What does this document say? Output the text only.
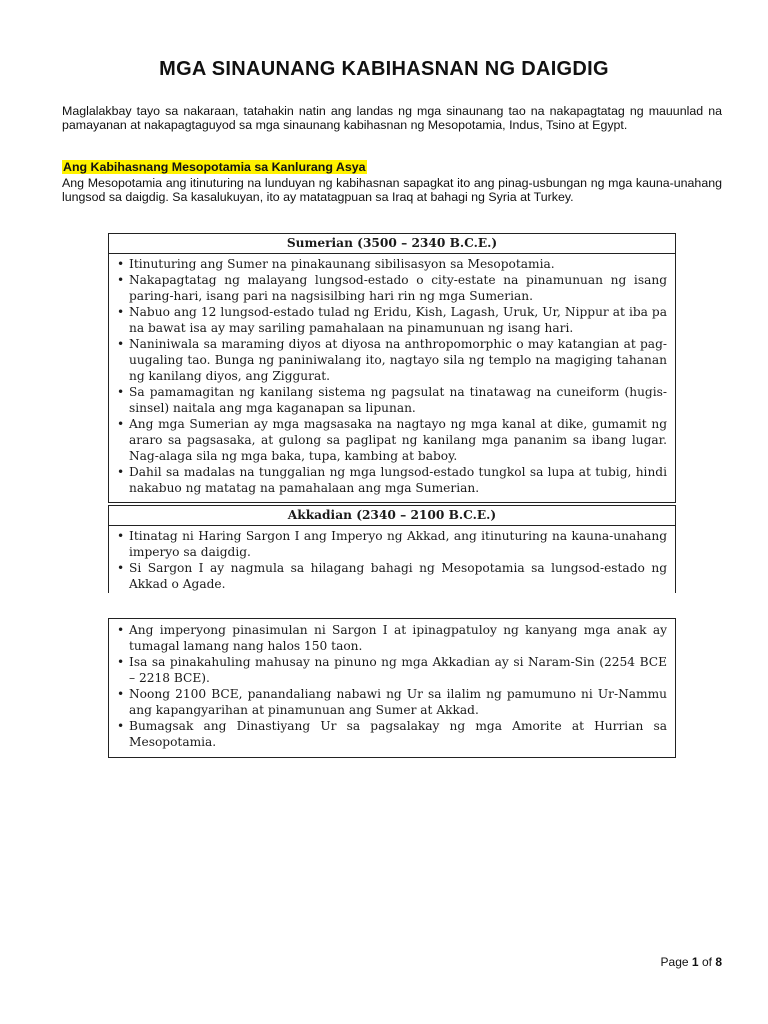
MGA SINAUNANG KABIHASNAN NG DAIGDIG

Maglalakbay tayo sa nakaraan, tatahakin natin ang landas ng mga sinaunang tao na nakapagtatag ng mauunlad na pamayanan at nakapagtaguyod sa mga sinaunang kabihasnan ng Mesopotamia, Indus, Tsino at Egypt.

Ang Kabihasnang Mesopotamia sa Kanlurang Asya

Ang Mesopotamia ang itinuturing na lunduyan ng kabihasnan sapagkat ito ang pinag-usbungan ng mga kauna-unahang lungsod sa daigdig. Sa kasalukuyan, ito ay matatagpuan sa Iraq at bahagi ng Syria at Turkey.

Sumerian (3500 – 2340 B.C.E.)
• Itinuturing ang Sumer na pinakaunang sibilisasyon sa Mesopotamia.
• Nakapagtatag ng malayang lungsod-estado o city-estate na pinamunuan ng isang paring-hari, isang pari na nagsisilbing hari rin ng mga Sumerian.
• Nabuo ang 12 lungsod-estado tulad ng Eridu, Kish, Lagash, Uruk, Ur, Nippur at iba pa na bawat isa ay may sariling pamahalaan na pinamunuan ng isang hari.
• Naniniwala sa maraming diyos at diyosa na anthropomorphic o may katangian at pag-uugaling tao. Bunga ng paniniwalang ito, nagtayo sila ng templo na magiging tahanan ng kanilang diyos, ang Ziggurat.
• Sa pamamagitan ng kanilang sistema ng pagsulat na tinatawag na cuneiform (hugis-sinsel) naitala ang mga kaganapan sa lipunan.
• Ang mga Sumerian ay mga magsasaka na nagtayo ng mga kanal at dike, gumamit ng araro sa pagsasaka, at gulong sa paglipat ng kanilang mga pananim sa ibang lugar. Nag-alaga sila ng mga baka, tupa, kambing at baboy.
• Dahil sa madalas na tunggalian ng mga lungsod-estado tungkol sa lupa at tubig, hindi nakabuo ng matatag na pamahalaan ang mga Sumerian.
Akkadian (2340 – 2100 B.C.E.)
• Itinatag ni Haring Sargon I ang Imperyo ng Akkad, ang itinuturing na kauna-unahang imperyo sa daigdig.
• Si Sargon I ay nagmula sa hilagang bahagi ng Mesopotamia sa lungsod-estado ng Akkad o Agade.
• Ang imperyong pinasimulan ni Sargon I at ipinagpatuloy ng kanyang mga anak ay tumagal lamang nang halos 150 taon.
• Isa sa pinakahuling mahusay na pinuno ng mga Akkadian ay si Naram-Sin (2254 BCE – 2218 BCE).
• Noong 2100 BCE, panandaliang nabawi ng Ur sa ilalim ng pamumuno ni Ur-Nammu ang kapangyarihan at pinamunuan ang Sumer at Akkad.
• Bumagsak ang Dinastiyang Ur sa pagsalakay ng mga Amorite at Hurrian sa Mesopotamia.
Page 1 of 8
